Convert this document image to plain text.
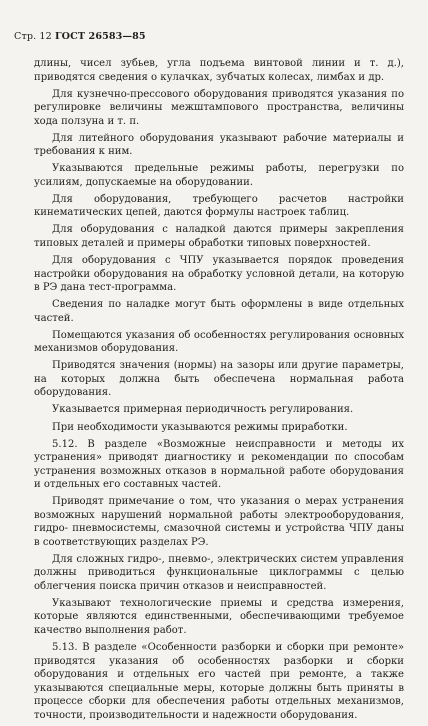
Стр. 12 ГОСТ 26583—85

длины, чисел зубьев, угла подъема винтовой линии и т. д.), приводятся сведения о кулачках, зубчатых колесах, лимбах и др.

Для кузнечно-прессового оборудования приводятся указания по регулировке величины межштампового пространства, величины хода ползуна и т. п.

Для литейного оборудования указывают рабочие материалы и требования к ним.

Указываются предельные режимы работы, перегрузки по усилиям, допускаемые на оборудовании.

Для оборудования, требующего расчетов настройки кинематических цепей, даются формулы настроек таблиц.

Для оборудования с наладкой даются примеры закрепления типовых деталей и примеры обработки типовых поверхностей.

Для оборудования с ЧПУ указывается порядок проведения настройки оборудования на обработку условной детали, на которую в РЭ дана тест-программа.

Сведения по наладке могут быть оформлены в виде отдельных частей.

Помещаются указания об особенностях регулирования основных механизмов оборудования.

Приводятся значения (нормы) на зазоры или другие параметры, на которых должна быть обеспечена нормальная работа оборудования.

Указывается примерная периодичность регулирования.

При необходимости указываются режимы приработки.

5.12. В разделе «Возможные неисправности и методы их устранения» приводят диагностику и рекомендации по способам устранения возможных отказов в нормальной работе оборудования и отдельных его составных частей.

Приводят примечание о том, что указания о мерах устранения возможных нарушений нормальной работы электрооборудования, гидро- пневмосистемы, смазочной системы и устройства ЧПУ даны в соответствующих разделах РЭ.

Для сложных гидро-, пневмо-, электрических систем управления должны приводиться функциональные циклограммы с целью облегчения поиска причин отказов и неисправностей.

Указывают технологические приемы и средства измерения, которые являются единственными, обеспечивающими требуемое качество выполнения работ.

5.13. В разделе «Особенности разборки и сборки при ремонте» приводятся указания об особенностях разборки и сборки оборудования и отдельных его частей при ремонте, а также указываются специальные меры, которые должны быть приняты в процессе сборки для обеспечения работы отдельных механизмов, точности, производительности и надежности оборудования.
